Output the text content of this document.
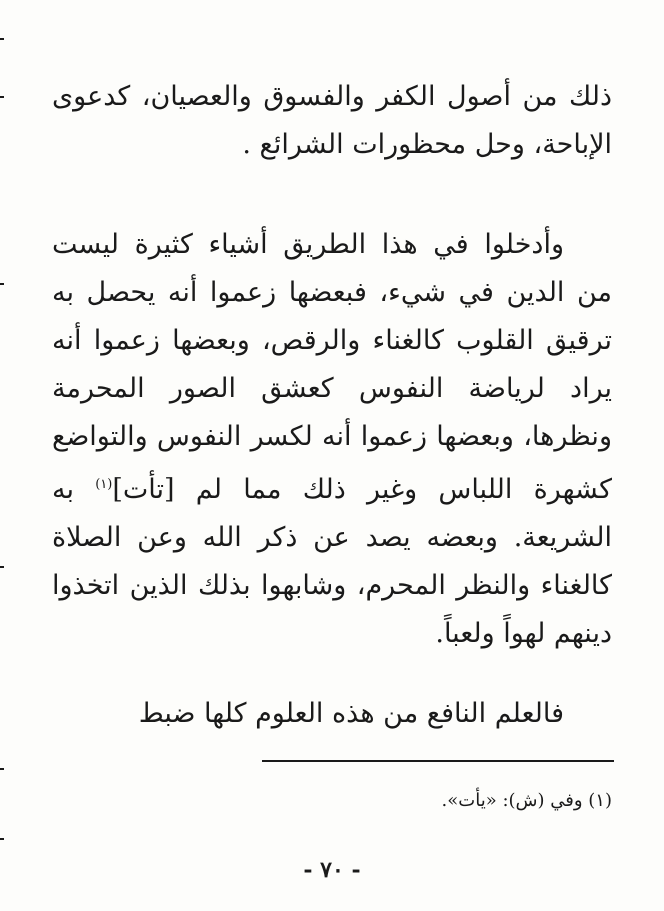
ذلك من أصول الكفر والفسوق والعصيان، كدعوى الإباحة، وحل محظورات الشرائع .

وأدخلوا في هذا الطريق أشياء كثيرة ليست من الدين في شيء، فبعضها زعموا أنه يحصل به ترقيق القلوب كالغناء والرقص، وبعضها زعموا أنه يراد لرياضة النفوس كعشق الصور المحرمة ونظرها، وبعضها زعموا أنه لكسر النفوس والتواضع كشهرة اللباس وغير ذلك مما لم [تأت]$^{(١)}$ به الشريعة. وبعضه يصد عن ذكر الله وعن الصلاة كالغناء والنظر المحرم، وشابهوا بذلك الذين اتخذوا دينهم لهواً ولعباً.

فالعلم النافع من هذه العلوم كلها ضبط

(١) وفي (ش): «يأت».

- ٧٠ -
